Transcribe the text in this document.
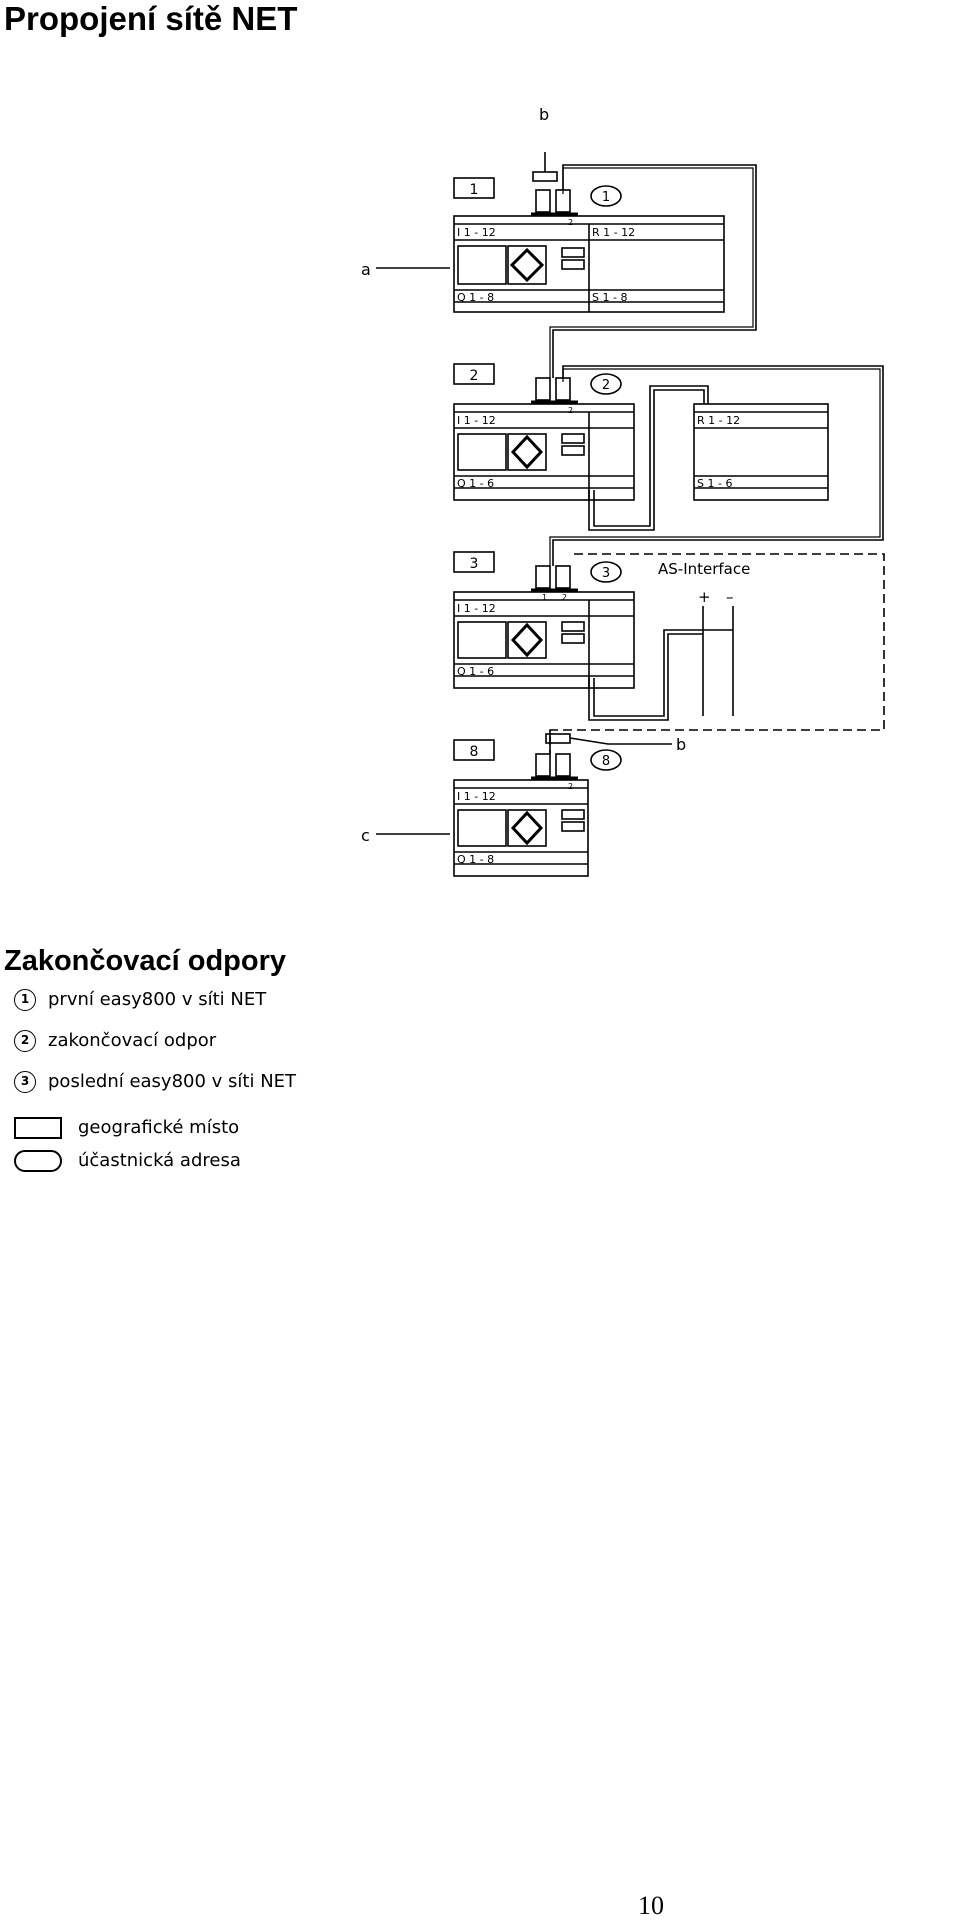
Propojení sítě NET
1
b
1
I 1 - 12	R 1 - 12
Q 1 - 8	S 1 - 8
2
a
2
2
I 1 - 12
Q 1 - 6
2
R 1 - 12
S 1 - 6
3
3
1 2
I 1 - 12
Q 1 - 6
AS-Interface
+ –
8
8
b
I 1 - 12
Q 1 - 8
2
c
Zakončovací odpory
1	první easy800 v síti NET
2	zakončovací odpor
3	poslední easy800 v síti NET
geografické místo
účastnická adresa
10
